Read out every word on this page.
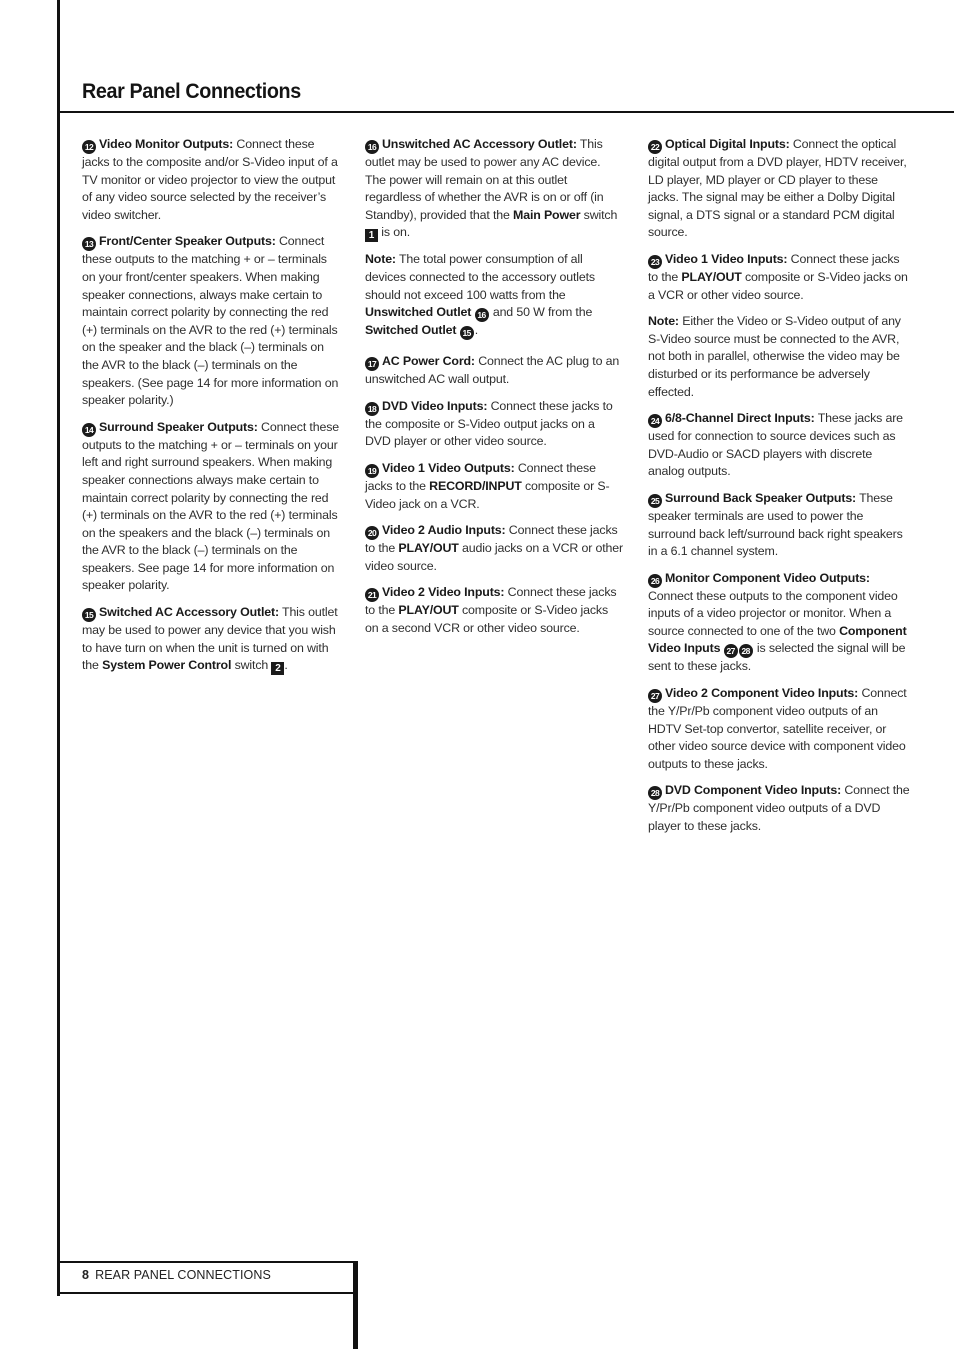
Rear Panel Connections

12 Video Monitor Outputs: Connect these jacks to the composite and/or S-Video input of a TV monitor or video projector to view the output of any video source selected by the receiver’s video switcher.

13 Front/Center Speaker Outputs: Connect these outputs to the matching + or – terminals on your front/center speakers. When making speaker connections, always make certain to maintain correct polarity by connecting the red (+) terminals on the AVR to the red (+) terminals on the speaker and the black (–) terminals on the AVR to the black (–) terminals on the speakers. (See page 14 for more information on speaker polarity.)

14 Surround Speaker Outputs: Connect these outputs to the matching + or – terminals on your left and right surround speakers. When making speaker connections always make certain to maintain correct polarity by connecting the red (+) terminals on the AVR to the red (+) terminals on the speakers and the black (–) terminals on the AVR to the black (–) terminals on the speakers. See page 14 for more information on speaker polarity.

15 Switched AC Accessory Outlet: This outlet may be used to power any device that you wish to have turn on when the unit is turned on with the System Power Control switch 2 .

16 Unswitched AC Accessory Outlet: This outlet may be used to power any AC device. The power will remain on at this outlet regardless of whether the AVR is on or off (in Standby), provided that the Main Power switch 1 is on.

Note: The total power consumption of all devices connected to the accessory outlets should not exceed 100 watts from the Unswitched Outlet 16 and 50 W from the Switched Outlet 15 .

17 AC Power Cord: Connect the AC plug to an unswitched AC wall output.

18 DVD Video Inputs: Connect these jacks to the composite or S-Video output jacks on a DVD player or other video source.

19 Video 1 Video Outputs: Connect these jacks to the RECORD/INPUT composite or S-Video jack on a VCR.

20 Video 2 Audio Inputs: Connect these jacks to the PLAY/OUT audio jacks on a VCR or other video source.

21 Video 2 Video Inputs: Connect these jacks to the PLAY/OUT composite or S-Video jacks on a second VCR or other video source.

22 Optical Digital Inputs: Connect the optical digital output from a DVD player, HDTV receiver, LD player, MD player or CD player to these jacks. The signal may be either a Dolby Digital signal, a DTS signal or a standard PCM digital source.

23 Video 1 Video Inputs: Connect these jacks to the PLAY/OUT composite or S-Video jacks on a VCR or other video source.

Note: Either the Video or S-Video output of any S-Video source must be connected to the AVR, not both in parallel, otherwise the video may be disturbed or its performance be adversely effected.

24 6/8-Channel Direct Inputs: These jacks are used for connection to source devices such as DVD-Audio or SACD players with discrete analog outputs.

25 Surround Back Speaker Outputs: These speaker terminals are used to power the surround back left/surround back right speakers in a 6.1 channel system.

26 Monitor Component Video Outputs: Connect these outputs to the component video inputs of a video projector or monitor. When a source connected to one of the two Component Video Inputs 27 28 is selected the signal will be sent to these jacks.

27 Video 2 Component Video Inputs: Connect the Y/Pr/Pb component video outputs of an HDTV Set-top convertor, satellite receiver, or other video source device with component video outputs to these jacks.

28 DVD Component Video Inputs: Connect the Y/Pr/Pb component video outputs of a DVD player to these jacks.

8 REAR PANEL CONNECTIONS
